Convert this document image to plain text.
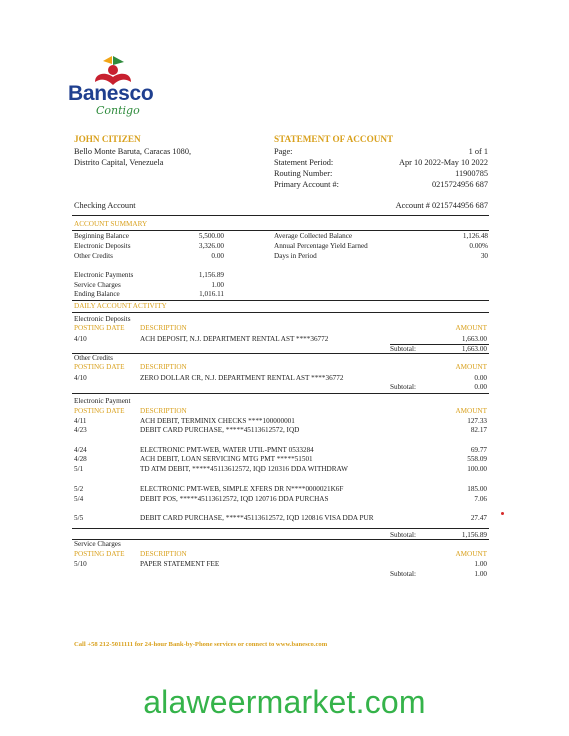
Banesco
Contigo
JOHN CITIZEN
Bello Monte Baruta, Caracas 1080,
Distrito Capital, Venezuela
STATEMENT OF ACCOUNT
Page:	1 of 1
Statement Period:	Apr 10 2022-May 10 2022
Routing Number:	11900785
Primary Account #:	0215724956 687
Checking Account	Account # 0215744956 687
ACCOUNT SUMMARY
Beginning Balance	5,500.00
Electronic Deposits	3,326.00
Other Credits	0.00
Electronic Payments	1,156.89
Service Charges	1.00
Ending Balance	1,016.11
Average Collected Balance	1,126.48
Annual Percentage Yield Earned	0.00%
Days in Period	30
DAILY ACCOUNT ACTIVITY
Electronic Deposits
POSTING DATE DESCRIPTION	AMOUNT
4/10	ACH DEPOSIT, N.J. DEPARTMENT RENTAL AST ****36772	1,663.00
Subtotal:	1,663.00
Other Credits
POSTING DATE DESCRIPTION	AMOUNT
4/10	ZERO DOLLAR CR, N.J. DEPARTMENT RENTAL AST ****36772	0.00
Subtotal:	0.00
Electronic Payment
POSTING DATE DESCRIPTION	AMOUNT
4/11	ACH DEBIT, TERMINIX CHECKS ****100000001	127.33
4/23	DEBIT CARD PURCHASE, *****45113612572, IQD	82.17
4/24	ELECTRONIC PMT-WEB, WATER UTIL-PMNT 0533284	69.77
4/28	ACH DEBIT, LOAN SERVICING MTG PMT *****51501	558.09
5/1	TD ATM DEBIT, *****45113612572, IQD 120316 DDA WITHDRAW	100.00
5/2	ELECTRONIC PMT-WEB, SIMPLE XFERS DR N****0000021K6F	185.00
5/4	DEBIT POS, *****45113612572, IQD 120716 DDA PURCHAS	7.06
5/5	DEBIT CARD PURCHASE, *****45113612572, IQD 120816 VISA DDA PUR	27.47
Subtotal:	1,156.89
Service Charges
POSTING DATE DESCRIPTION	AMOUNT
5/10	PAPER STATEMENT FEE	1.00
Subtotal:	1.00
Call +58 212-5011111 for 24-hour Bank-by-Phone services or connect to www.banesco.com
alaweermarket.com
